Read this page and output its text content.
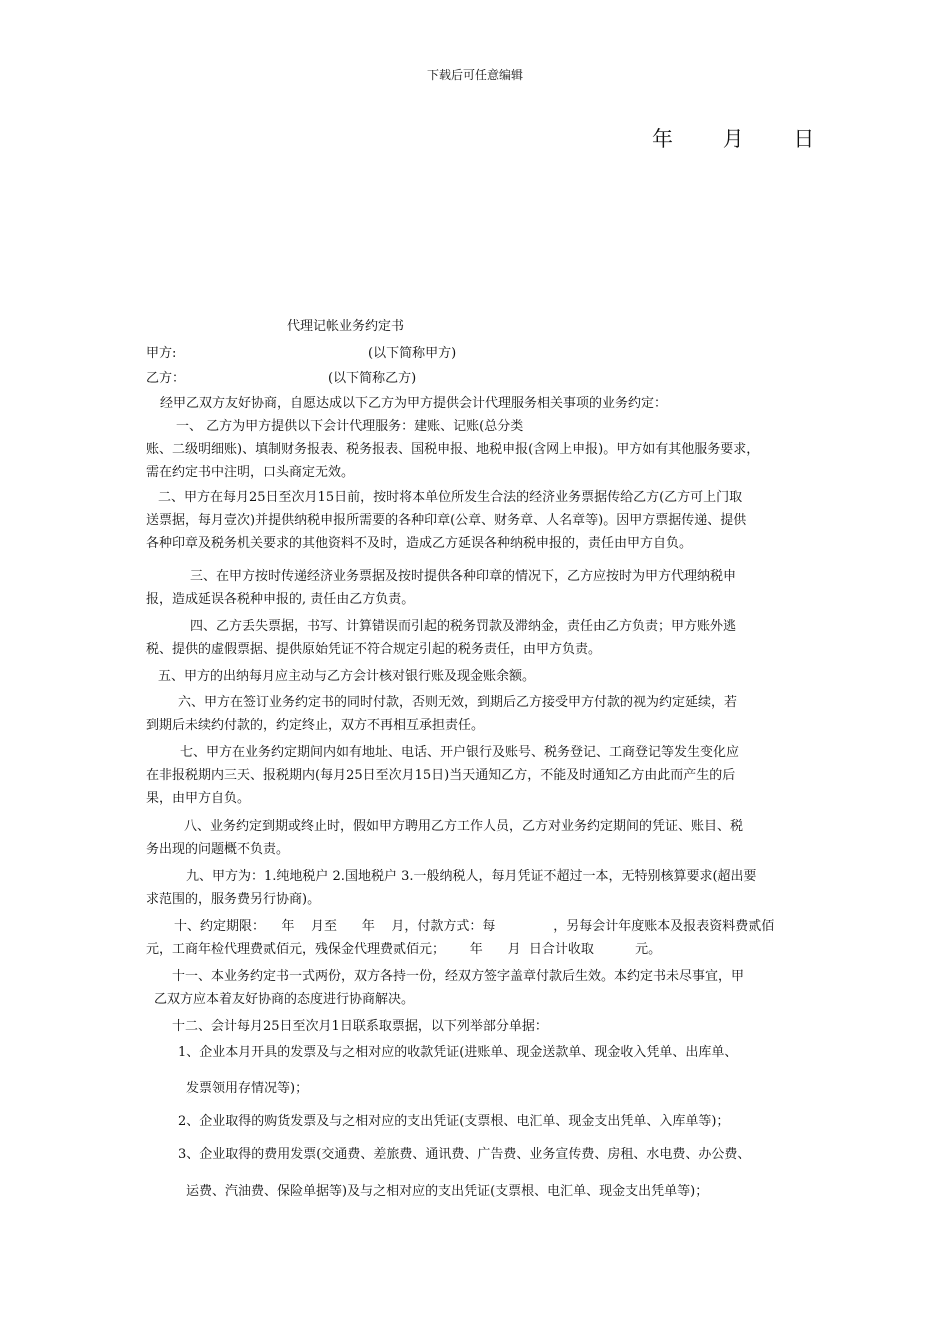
下载后可任意编辑
年 月 日
代理记帐业务约定书
甲方:	(以下简称甲方)
乙方：	(以下简称乙方)
经甲乙双方友好协商，自愿达成以下乙方为甲方提供会计代理服务相关事项的业务约定：
一、 乙方为甲方提供以下会计代理服务：建账、记账(总分类
账、二级明细账)、填制财务报表、税务报表、国税申报、地税申报(含网上申报)。甲方如有其他服务要求，
需在约定书中注明，口头商定无效。
二、甲方在每月25日至次月15日前，按时将本单位所发生合法的经济业务票据传给乙方(乙方可上门取
送票据，每月壹次)并提供纳税申报所需要的各种印章(公章、财务章、人名章等)。因甲方票据传递、提供
各种印章及税务机关要求的其他资料不及时，造成乙方延误各种纳税申报的，责任由甲方自负。
三、在甲方按时传递经济业务票据及按时提供各种印章的情况下，乙方应按时为甲方代理纳税申
报，造成延误各税种申报的, 责任由乙方负责。
四、乙方丢失票据，书写、计算错误而引起的税务罚款及滞纳金，责任由乙方负责；甲方账外逃
税、提供的虚假票据、提供原始凭证不符合规定引起的税务责任，由甲方负责。
五、甲方的出纳每月应主动与乙方会计核对银行账及现金账余额。
六、甲方在签订业务约定书的同时付款，否则无效，到期后乙方接受甲方付款的视为约定延续，若
到期后未续约付款的，约定终止，双方不再相互承担责任。
七、甲方在业务约定期间内如有地址、电话、开户银行及账号、税务登记、工商登记等发生变化应
在非报税期内三天、报税期内(每月25日至次月15日)当天通知乙方，不能及时通知乙方由此而产生的后
果，由甲方自负。
八、业务约定到期或终止时，假如甲方聘用乙方工作人员，乙方对业务约定期间的凭证、账目、税
务出现的问题概不负责。
九、甲方为：1.纯地税户 2.国地税户 3.一般纳税人，每月凭证不超过一本，无特别核算要求(超出要
求范围的，服务费另行协商)。
十、约定期限：    年    月至      年    月，付款方式：每              ，另每会计年度账本及报表资料费贰佰
元，工商年检代理费贰佰元，残保金代理费贰佰元；      年      月  日合计收取          元。
十一、本业务约定书一式两份，双方各持一份，经双方签字盖章付款后生效。本约定书未尽事宜，甲
乙双方应本着友好协商的态度进行协商解决。
十二、会计每月25日至次月1日联系取票据，以下列举部分单据：
1、企业本月开具的发票及与之相对应的收款凭证(进账单、现金送款单、现金收入凭单、出库单、
发票领用存情况等)；
2、企业取得的购货发票及与之相对应的支出凭证(支票根、电汇单、现金支出凭单、入库单等)；
3、企业取得的费用发票(交通费、差旅费、通讯费、广告费、业务宣传费、房租、水电费、办公费、
运费、汽油费、保险单据等)及与之相对应的支出凭证(支票根、电汇单、现金支出凭单等)；
